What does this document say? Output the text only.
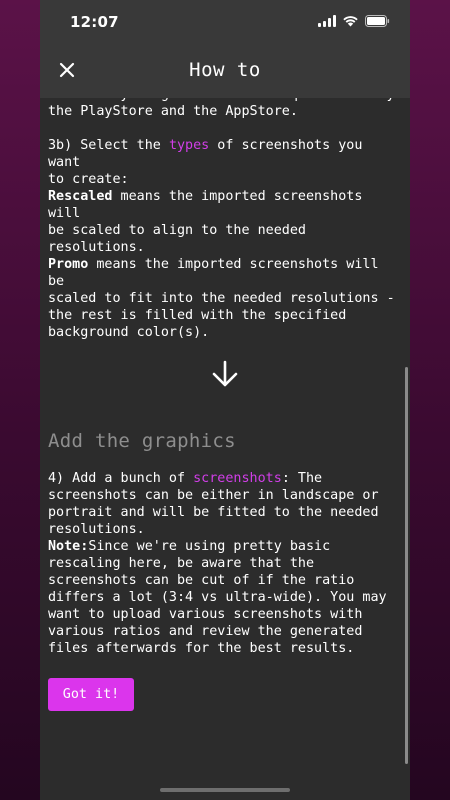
12:07
How to

the PlayStore and the AppStore.

3b) Select the types of screenshots you want
to create:
Rescaled means the imported screenshots will
be scaled to align to the needed
resolutions.
Promo means the imported screenshots will be
scaled to fit into the needed resolutions -
the rest is filled with the specified
background color(s).

Add the graphics

4) Add a bunch of screenshots: The
screenshots can be either in landscape or
portrait and will be fitted to the needed
resolutions.
Note:Since we're using pretty basic
rescaling here, be aware that the
screenshots can be cut of if the ratio
differs a lot (3:4 vs ultra-wide). You may
want to upload various screenshots with
various ratios and review the generated
files afterwards for the best results.

Got it!
